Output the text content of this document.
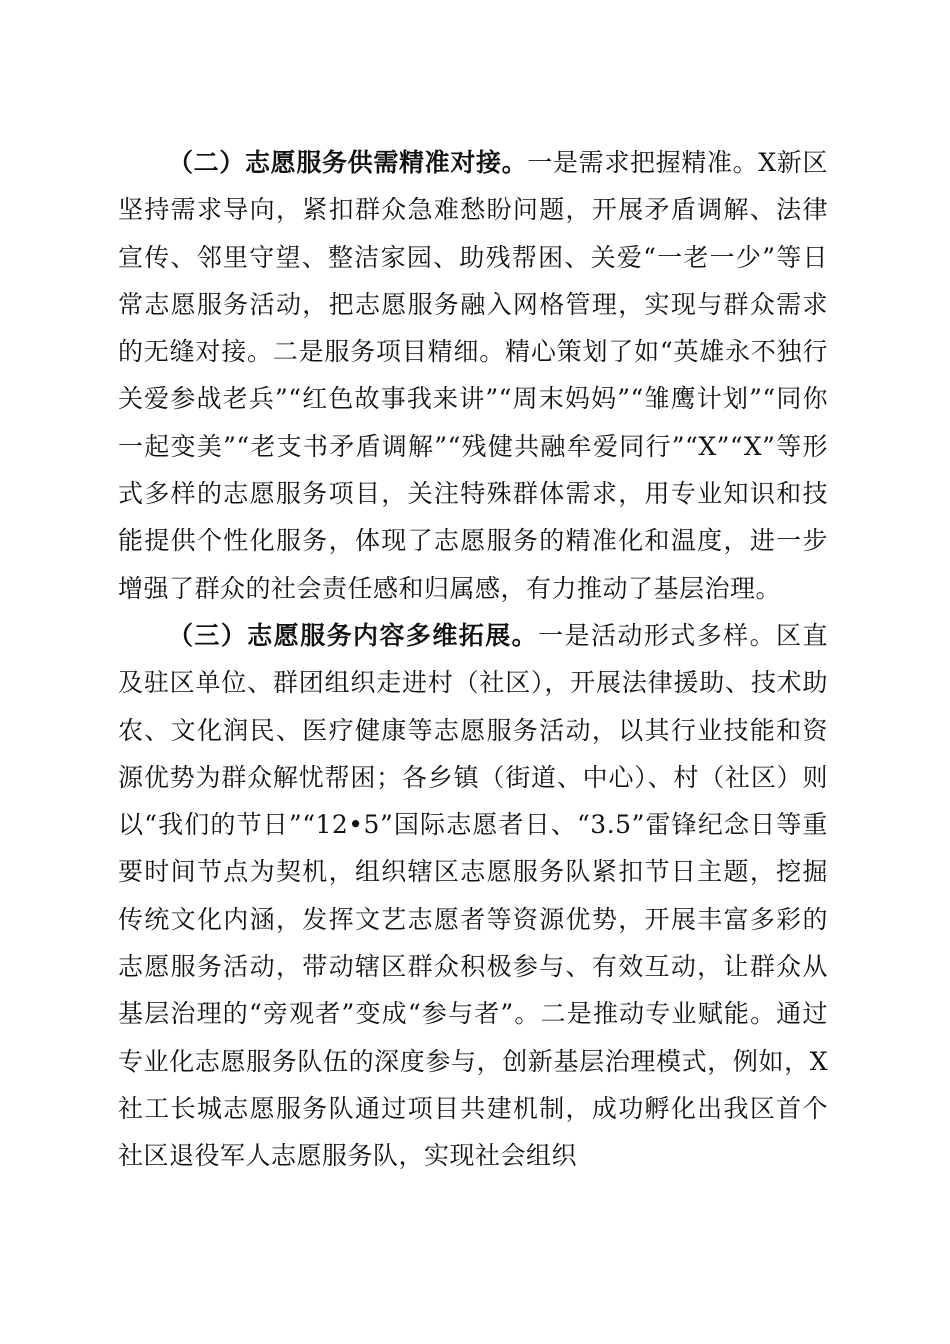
（二）志愿服务供需精准对接。一是需求把握精准。X新区坚持需求导向，紧扣群众急难愁盼问题，开展矛盾调解、法律宣传、邻里守望、整洁家园、助残帮困、关爱“一老一少”等日常志愿服务活动，把志愿服务融入网格管理，实现与群众需求的无缝对接。二是服务项目精细。精心策划了如“英雄永不独行关爱参战老兵”“红色故事我来讲”“周末妈妈”“雏鹰计划”“同你一起变美”“老支书矛盾调解”“残健共融牟爱同行”“X”“X”等形式多样的志愿服务项目，关注特殊群体需求，用专业知识和技能提供个性化服务，体现了志愿服务的精准化和温度，进一步增强了群众的社会责任感和归属感，有力推动了基层治理。

（三）志愿服务内容多维拓展。一是活动形式多样。区直及驻区单位、群团组织走进村（社区），开展法律援助、技术助农、文化润民、医疗健康等志愿服务活动，以其行业技能和资源优势为群众解忧帮困；各乡镇（街道、中心）、村（社区）则以“我们的节日”“12•5”国际志愿者日、“3.5”雷锋纪念日等重要时间节点为契机，组织辖区志愿服务队紧扣节日主题，挖掘传统文化内涵，发挥文艺志愿者等资源优势，开展丰富多彩的志愿服务活动，带动辖区群众积极参与、有效互动，让群众从基层治理的“旁观者”变成“参与者”。二是推动专业赋能。通过专业化志愿服务队伍的深度参与，创新基层治理模式，例如，X社工长城志愿服务队通过项目共建机制，成功孵化出我区首个社区退役军人志愿服务队，实现社会组织
